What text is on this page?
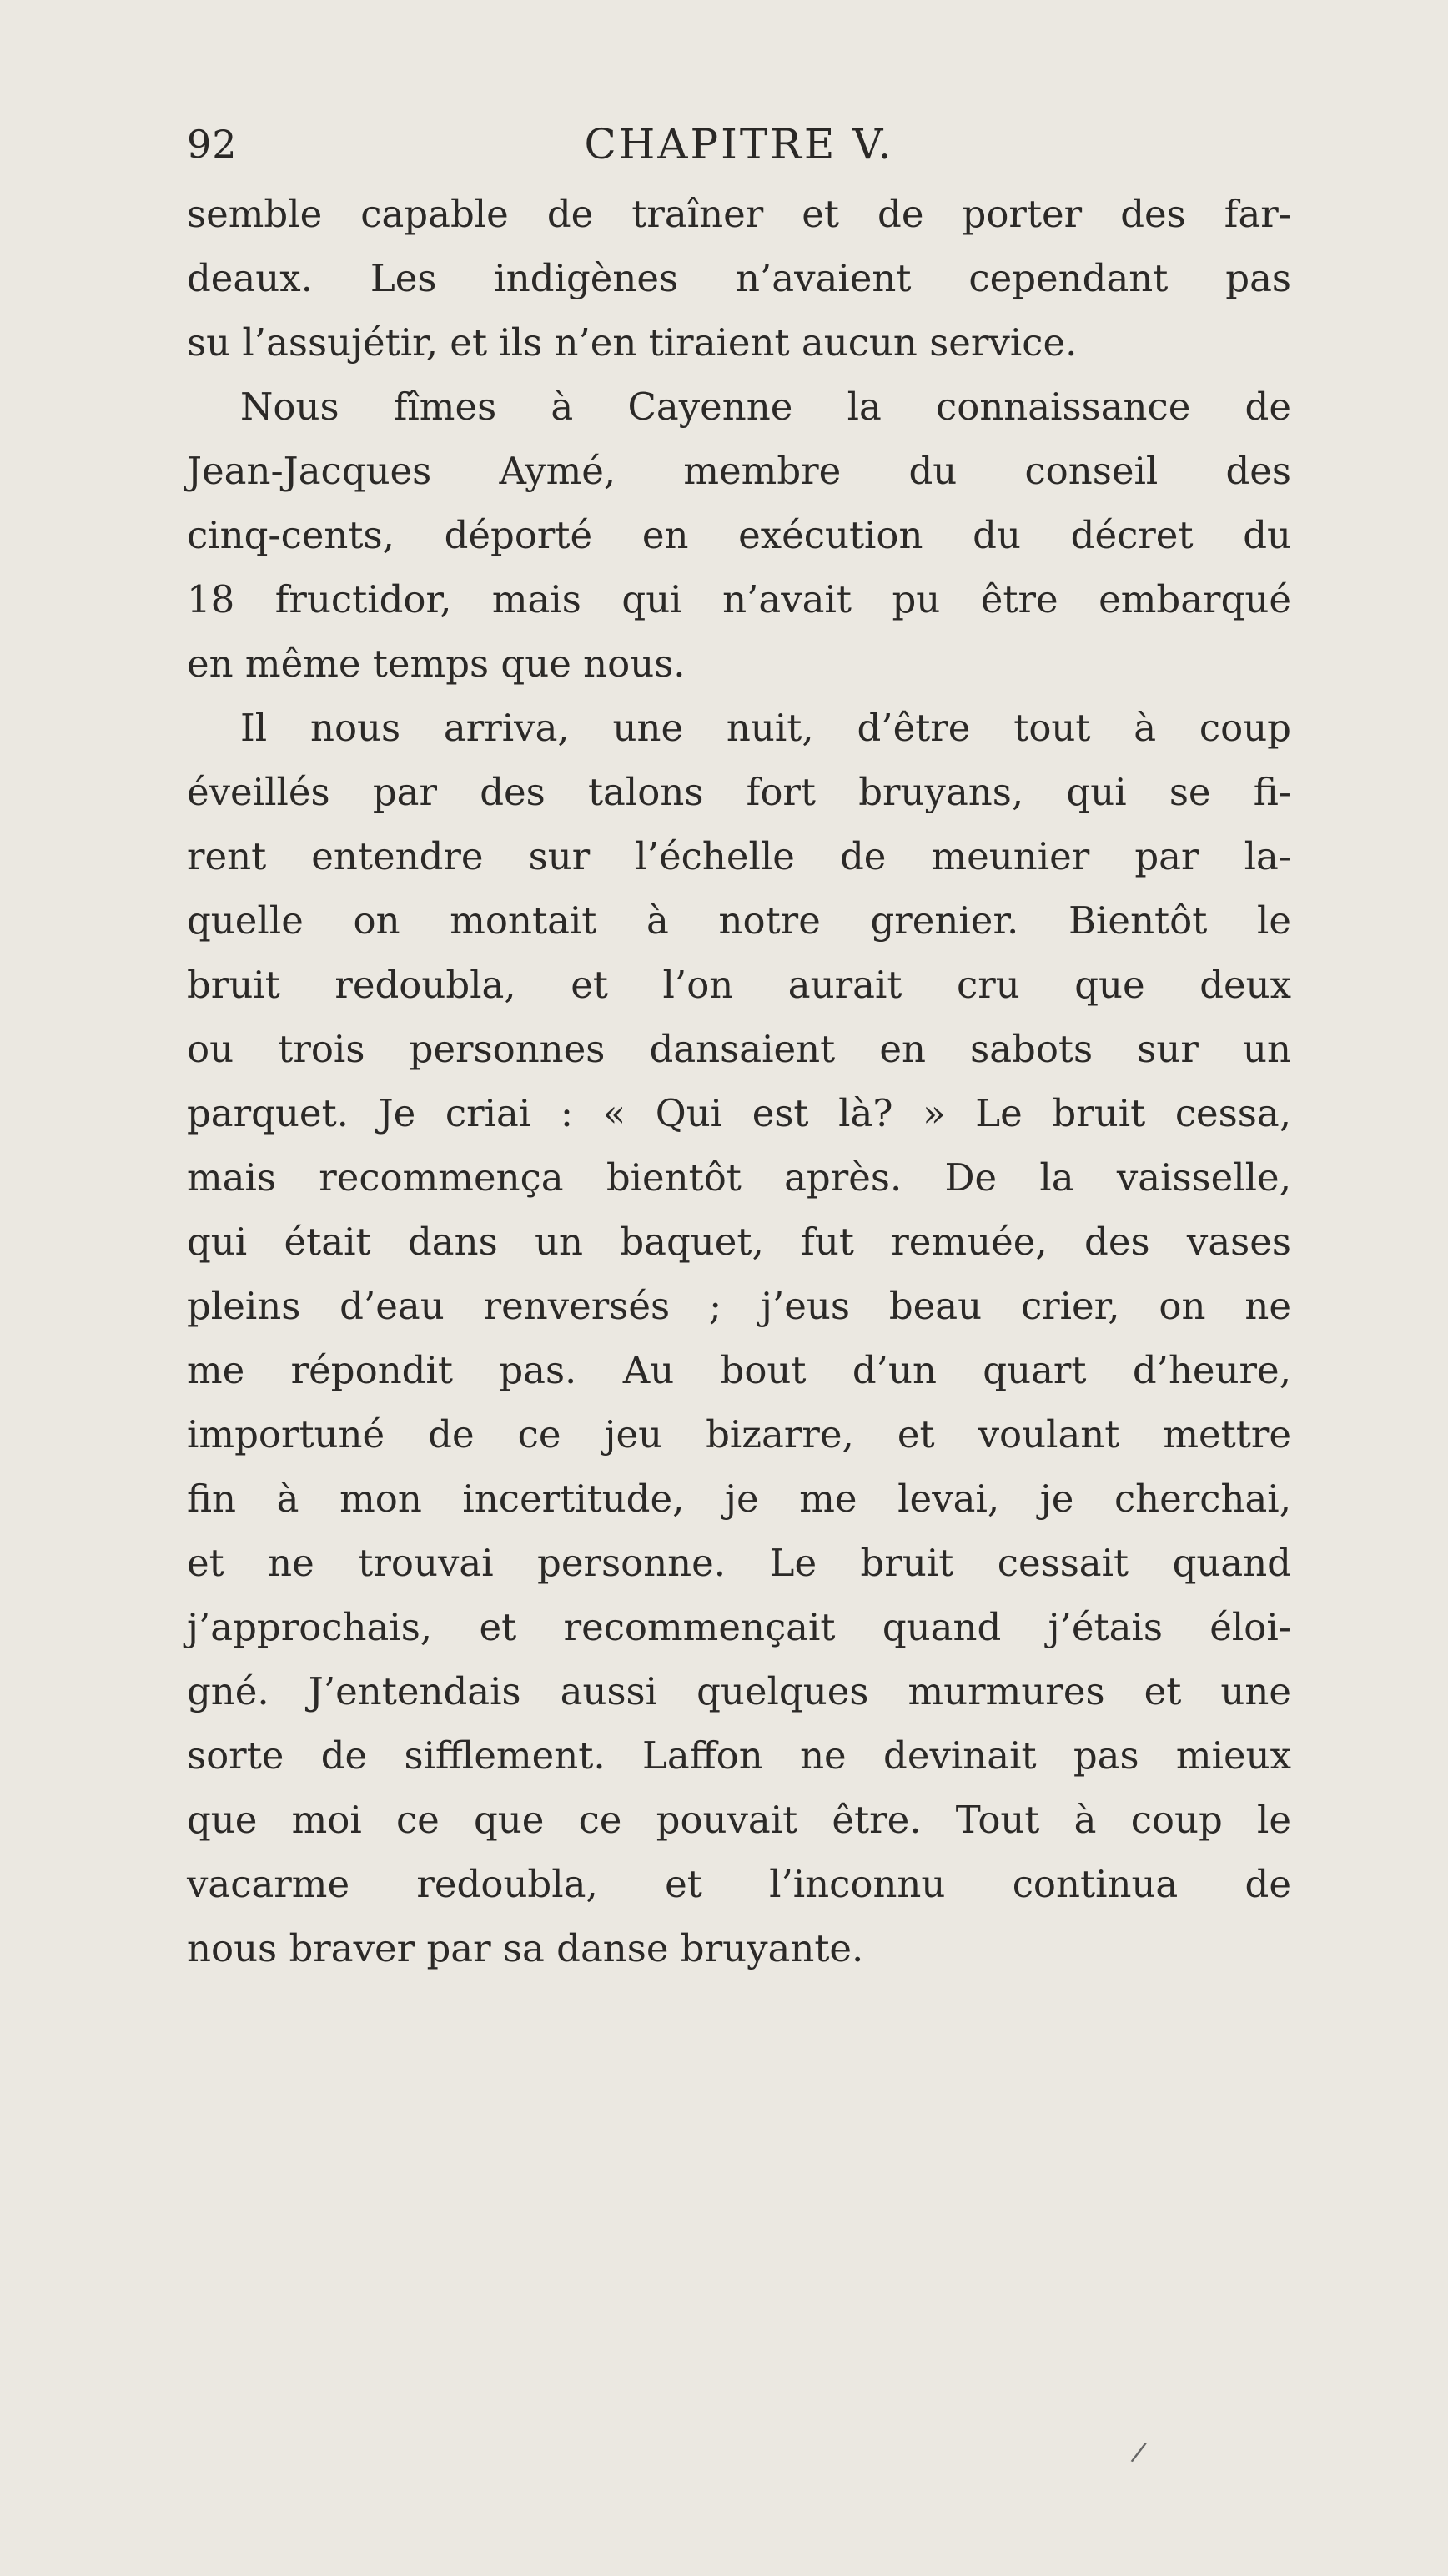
92	CHAPITRE V.
semble capable de traîner et de porter des far-
deaux. Les indigènes n’avaient cependant pas
su l’assujétir, et ils n’en tiraient aucun service.
Nous fîmes à Cayenne la connaissance de
Jean-Jacques Aymé, membre du conseil des
cinq-cents, déporté en exécution du décret du
18 fructidor, mais qui n’avait pu être embarqué
en même temps que nous.
Il nous arriva, une nuit, d’être tout à coup
éveillés par des talons fort bruyans, qui se fi-
rent entendre sur l’échelle de meunier par la-
quelle on montait à notre grenier. Bientôt le
bruit redoubla, et l’on aurait cru que deux
ou trois personnes dansaient en sabots sur un
parquet. Je criai : « Qui est là? » Le bruit cessa,
mais recommença bientôt après. De la vaisselle,
qui était dans un baquet, fut remuée, des vases
pleins d’eau renversés ; j’eus beau crier, on ne
me répondit pas. Au bout d’un quart d’heure,
importuné de ce jeu bizarre, et voulant mettre
fin à mon incertitude, je me levai, je cherchai,
et ne trouvai personne. Le bruit cessait quand
j’approchais, et recommençait quand j’étais éloi-
gné. J’entendais aussi quelques murmures et une
sorte de sifflement. Laffon ne devinait pas mieux
que moi ce que ce pouvait être. Tout à coup le
vacarme redoubla, et l’inconnu continua de
nous braver par sa danse bruyante.
/
